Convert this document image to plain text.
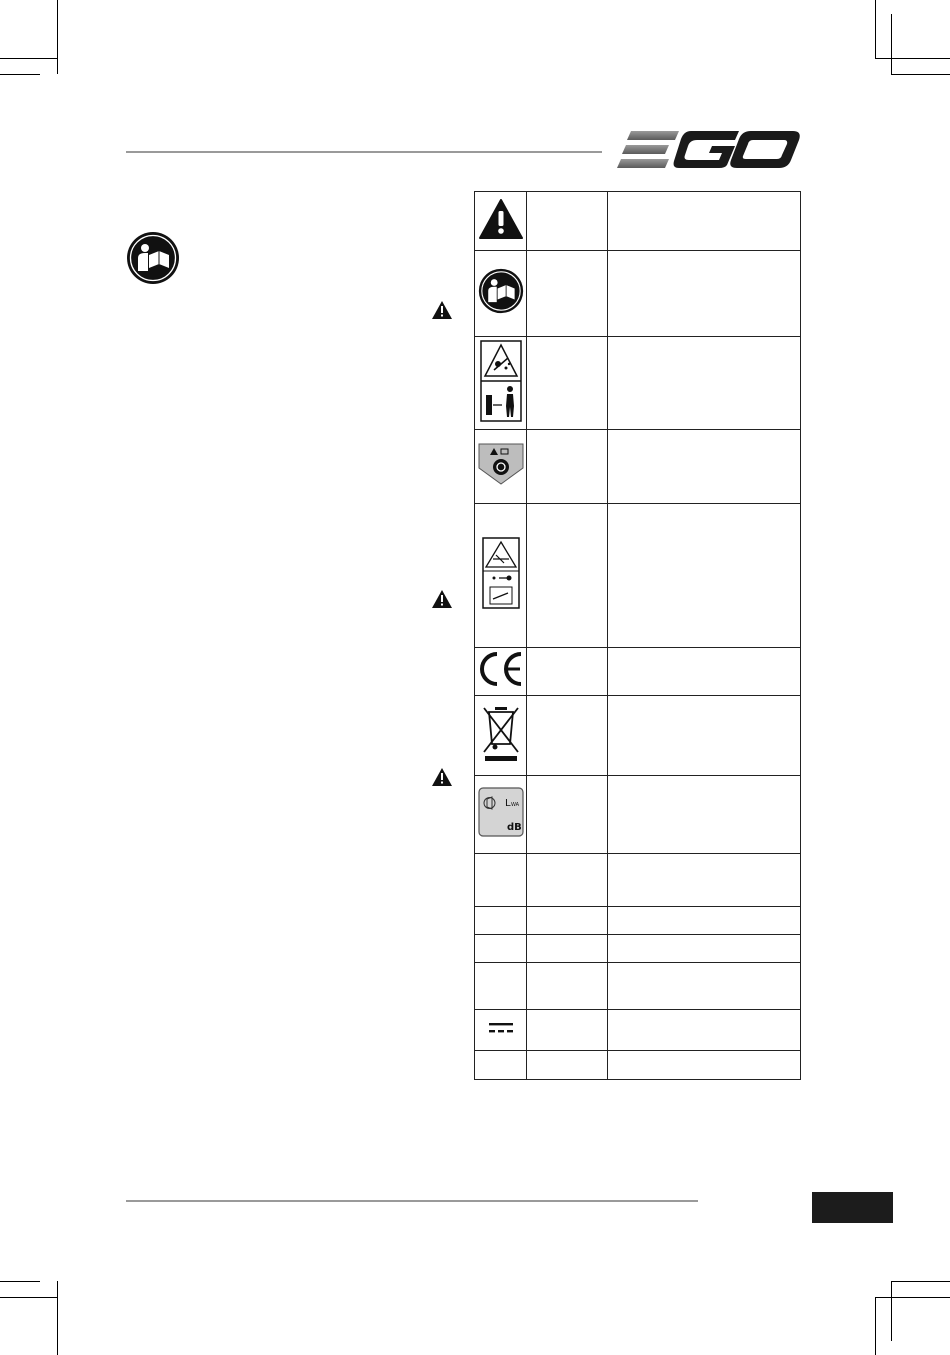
L WA
dB
